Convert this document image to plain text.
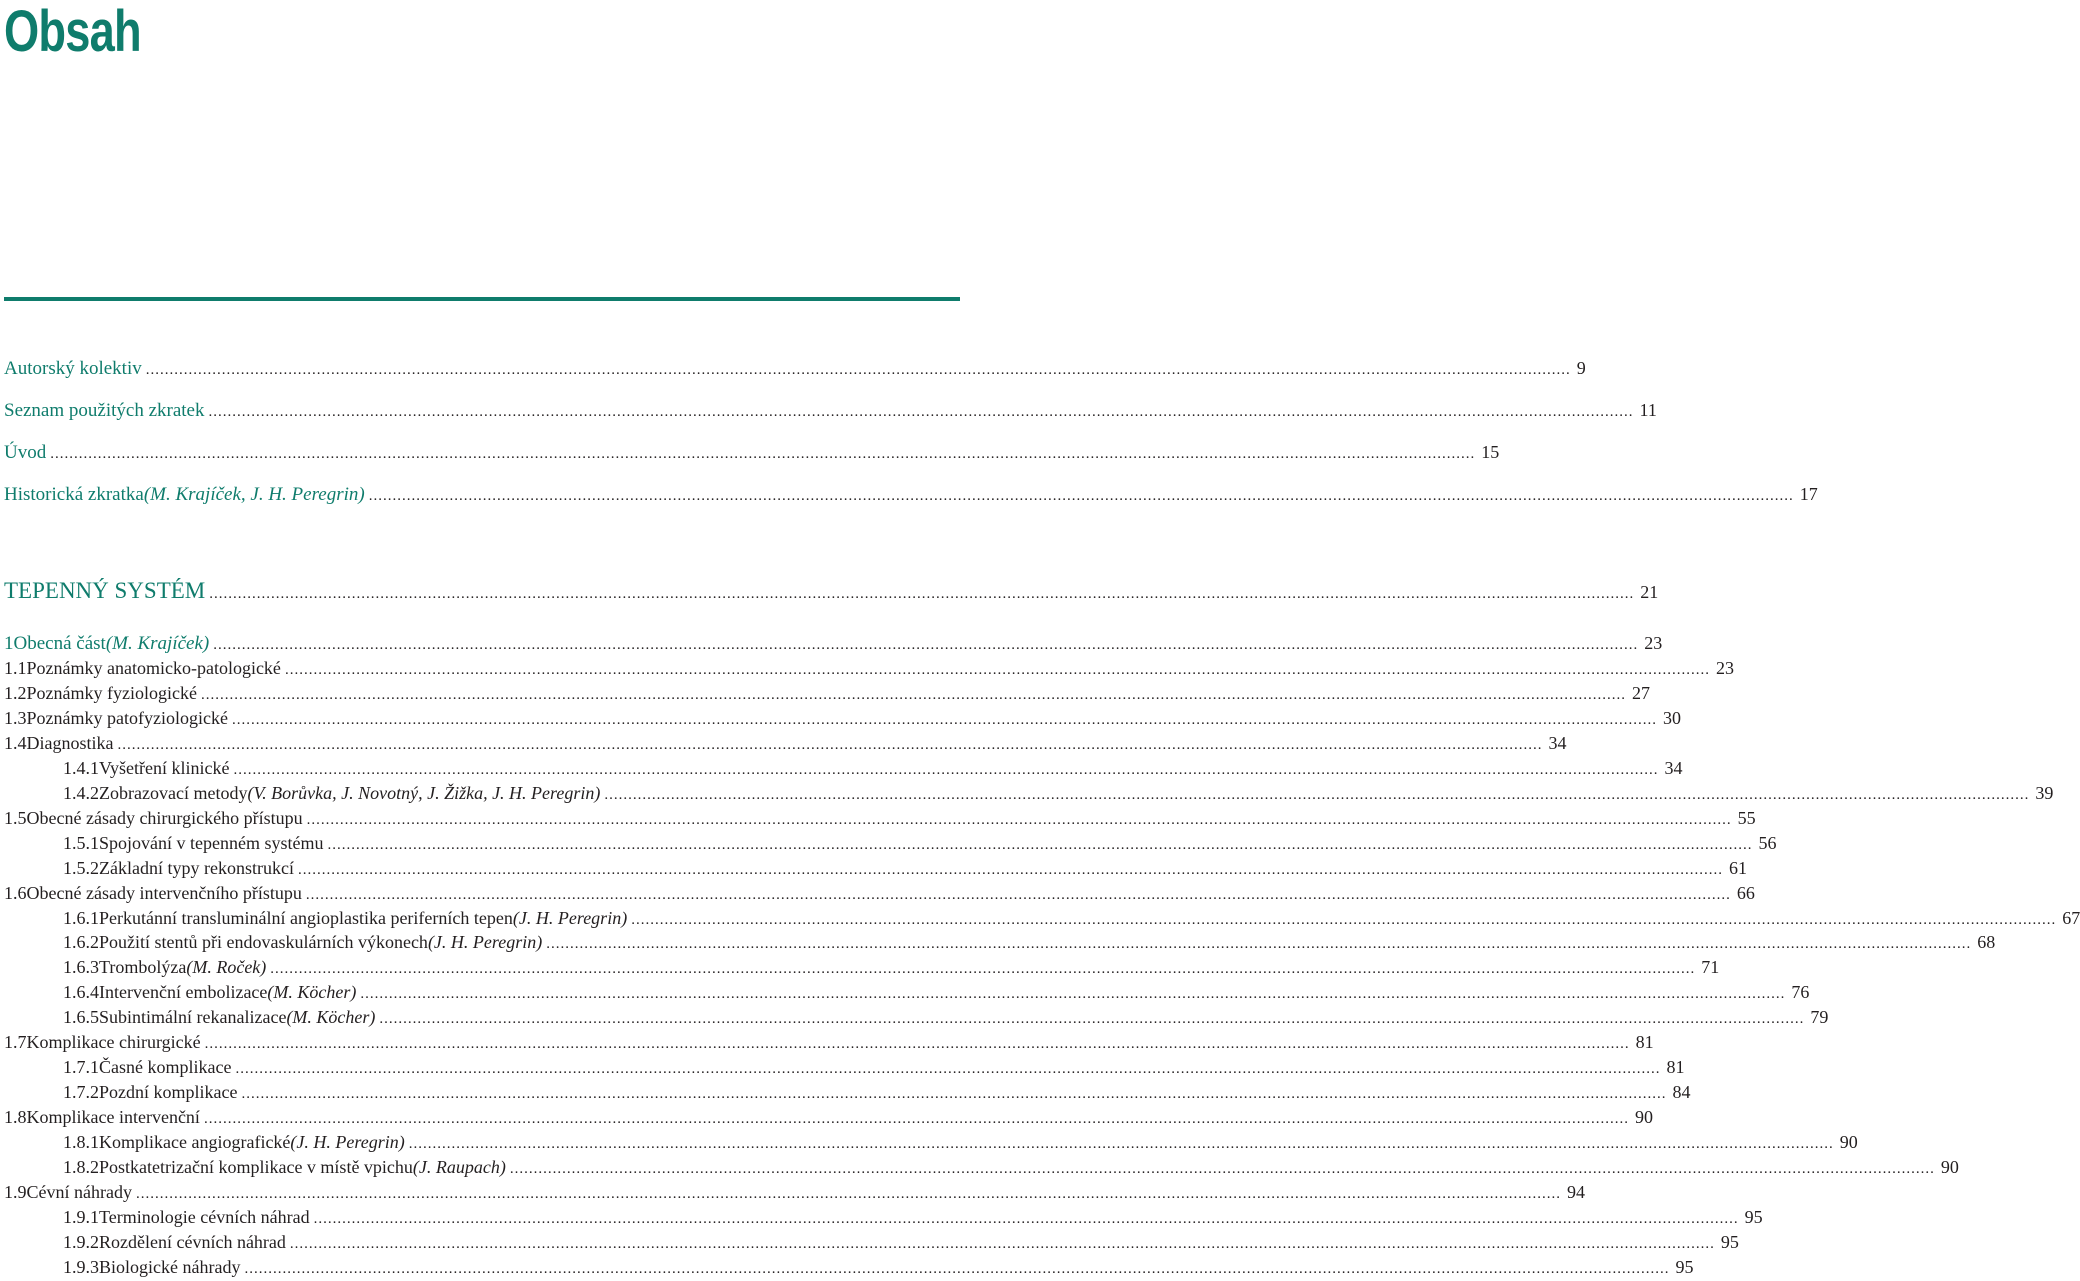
Obsah
Autorský kolektiv ............................................................................................................................................................................................................................................................................................................ 9
Seznam použitých zkratek ............................................................................................................................................................................................................................................................................................................ 11
Úvod ............................................................................................................................................................................................................................................................................................................ 15
Historická zkratka (M. Krajíček, J. H. Peregrin) ............................................................................................................................................................................................................................................................................................................ 17
TEPENNÝ SYSTÉM ............................................................................................................................................................................................................................................................................................................ 21
1 Obecná část (M. Krajíček) ............................................................................................................................................................................................................................................................................................................ 23
1.1 Poznámky anatomicko-patologické ............................................................................................................................................................................................................................................................................................................ 23
1.2 Poznámky fyziologické ............................................................................................................................................................................................................................................................................................................ 27
1.3 Poznámky patofyziologické ............................................................................................................................................................................................................................................................................................................ 30
1.4 Diagnostika ............................................................................................................................................................................................................................................................................................................ 34
1.4.1 Vyšetření klinické ............................................................................................................................................................................................................................................................................................................ 34
1.4.2 Zobrazovací metody (V. Borůvka, J. Novotný, J. Žižka, J. H. Peregrin) ............................................................................................................................................................................................................................................................................................................ 39
1.5 Obecné zásady chirurgického přístupu ............................................................................................................................................................................................................................................................................................................ 55
1.5.1 Spojování v tepenném systému ............................................................................................................................................................................................................................................................................................................ 56
1.5.2 Základní typy rekonstrukcí ............................................................................................................................................................................................................................................................................................................ 61
1.6 Obecné zásady intervenčního přístupu ............................................................................................................................................................................................................................................................................................................ 66
1.6.1 Perkutánní transluminální angioplastika periferních tepen (J. H. Peregrin) ............................................................................................................................................................................................................................................................................................................ 67
1.6.2 Použití stentů při endovaskulárních výkonech (J. H. Peregrin) ............................................................................................................................................................................................................................................................................................................ 68
1.6.3 Trombolýza (M. Roček) ............................................................................................................................................................................................................................................................................................................ 71
1.6.4 Intervenční embolizace (M. Köcher) ............................................................................................................................................................................................................................................................................................................ 76
1.6.5 Subintimální rekanalizace (M. Köcher) ............................................................................................................................................................................................................................................................................................................ 79
1.7 Komplikace chirurgické ............................................................................................................................................................................................................................................................................................................ 81
1.7.1 Časné komplikace ............................................................................................................................................................................................................................................................................................................ 81
1.7.2 Pozdní komplikace ............................................................................................................................................................................................................................................................................................................ 84
1.8 Komplikace intervenční ............................................................................................................................................................................................................................................................................................................ 90
1.8.1 Komplikace angiografické (J. H. Peregrin) ............................................................................................................................................................................................................................................................................................................ 90
1.8.2 Postkatetrizační komplikace v místě vpichu (J. Raupach) ............................................................................................................................................................................................................................................................................................................ 90
1.9 Cévní náhrady ............................................................................................................................................................................................................................................................................................................ 94
1.9.1 Terminologie cévních náhrad ............................................................................................................................................................................................................................................................................................................ 95
1.9.2 Rozdělení cévních náhrad ............................................................................................................................................................................................................................................................................................................ 95
1.9.3 Biologické náhrady ............................................................................................................................................................................................................................................................................................................ 95
